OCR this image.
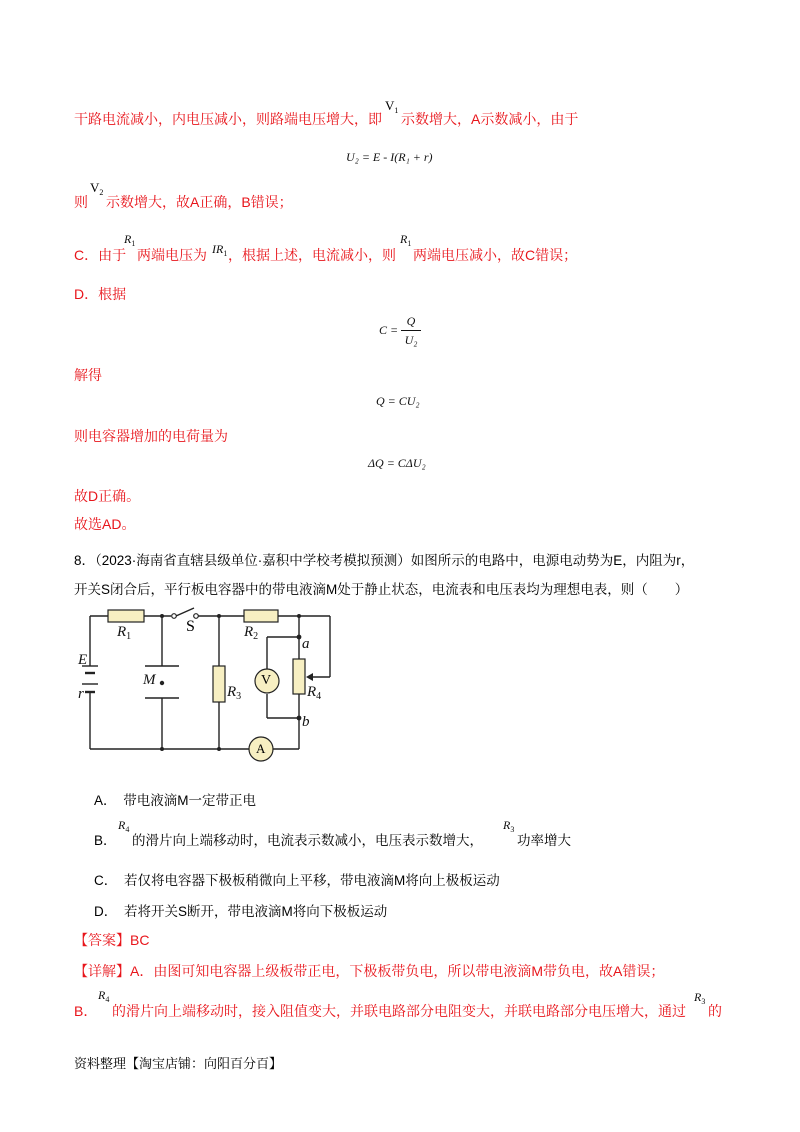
干路电流减小，内电压减小，则路端电压增大，即
$V_1$
示数增大，A示数减小，由于
U₂ = E - I(R₁ + r)
则
$V_2$
示数增大，故A正确，B错误；
C．由于
$R_1$
两端电压为 $IR_1$ ，根据上述，电流减小，则
$R_1$
两端电压减小，故C错误；
D．根据
C =
Q
U₂
解得
Q = CU₂
则电容器增加的电荷量为
ΔQ = CΔU₂
故D正确。
故选AD。
8．（2023·海南省直辖县级单位·嘉积中学校考模拟预测）如图所示的电路中，电源电动势为E，内阻为r，
开关S闭合后，平行板电容器中的带电液滴M处于静止状态，电流表和电压表均为理想电表，则（　　）
$R_1$
S	$R_2$	a
E
r
M	V
$R_3$	$R_4$
b
A
A．　带电液滴M一定带正电
B．
$R_4$
的滑片向上端移动时，电流表示数减小，电压表示数增大，
$R_3$
功率增大
C．　若仅将电容器下极板稍微向上平移，带电液滴M将向上极板运动
D．　若将开关S断开，带电液滴M将向下极板运动
【答案】BC
【详解】A．由图可知电容器上级板带正电，下极板带负电，所以带电液滴M带负电，故A错误；
B．
$R_4$
的滑片向上端移动时，接入阻值变大，并联电路部分电阻变大，并联电路部分电压增大，通过
$R_3$
的
资料整理【淘宝店铺：向阳百分百】
